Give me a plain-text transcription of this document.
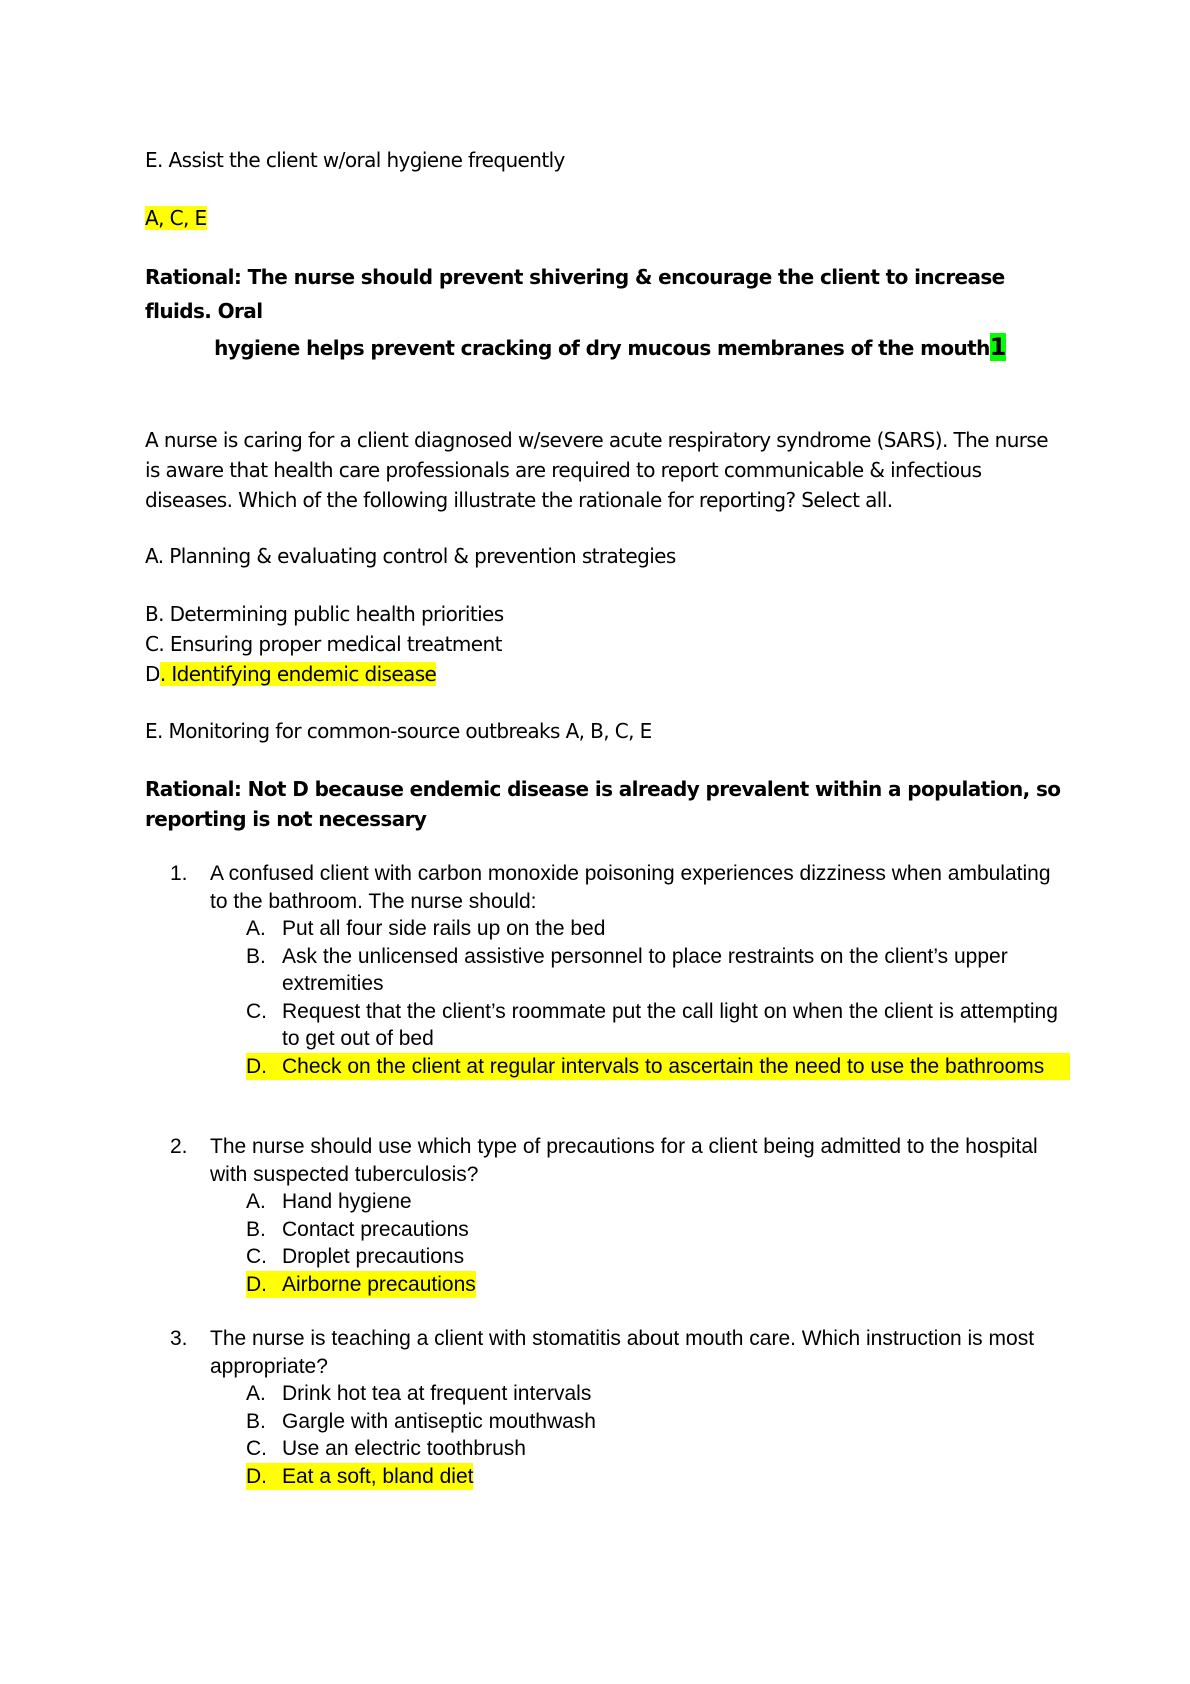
E. Assist the client w/oral hygiene frequently

A, C, E

Rational: The nurse should prevent shivering & encourage the client to increase fluids. Oral

hygiene helps prevent cracking of dry mucous membranes of the mouth1

A nurse is caring for a client diagnosed w/severe acute respiratory syndrome (SARS). The nurse is aware that health care professionals are required to report communicable & infectious diseases. Which of the following illustrate the rationale for reporting? Select all.

A. Planning & evaluating control & prevention strategies

B. Determining public health priorities

C. Ensuring proper medical treatment

D. Identifying endemic disease

E. Monitoring for common-source outbreaks A, B, C, E

Rational: Not D because endemic disease is already prevalent within a population, so reporting is not necessary

1.	A confused client with carbon monoxide poisoning experiences dizziness when ambulating to the bathroom. The nurse should:
A. Put all four side rails up on the bed
B. Ask the unlicensed assistive personnel to place restraints on the client’s upper extremities
C. Request that the client’s roommate put the call light on when the client is attempting to get out of bed
D. Check on the client at regular intervals to ascertain the need to use the bathrooms
2.	The nurse should use which type of precautions for a client being admitted to the hospital with suspected tuberculosis?
A. Hand hygiene
B. Contact precautions
C. Droplet precautions
D. Airborne precautions
3.	The nurse is teaching a client with stomatitis about mouth care. Which instruction is most appropriate?
A. Drink hot tea at frequent intervals
B. Gargle with antiseptic mouthwash
C. Use an electric toothbrush
D. Eat a soft, bland diet
